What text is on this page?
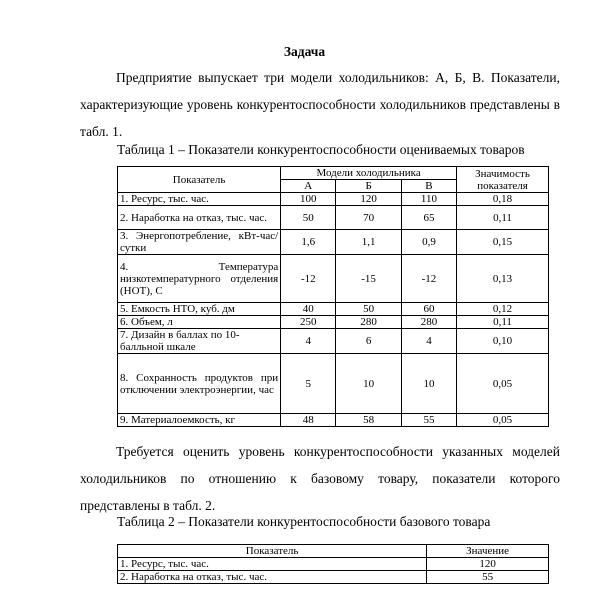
Задача
Предприятие выпускает три модели холодильников: А, Б, В. Показатели, характеризующие уровень конкурентоспособности холодильников представлены в табл. 1.
Таблица 1 – Показатели конкурентоспособности оцениваемых товаров
Показатель	Модели холодильника			Значимость показателя
	А	Б	В	
1. Ресурс, тыс. час.	100	120	110	0,18
2. Наработка на отказ, тыс. час.	50	70	65	0,11
3. Энергопотребление, кВт-час/сутки	1,6	1,1	0,9	0,15
4. Температура низкотемпературного отделения (НОТ), С	-12	-15	-12	0,13
5. Емкость НТО, куб. дм	40	50	60	0,12
6. Объем, л	250	280	280	0,11
7. Дизайн в баллах по 10-балльной шкале	4	6	4	0,10
8. Сохранность продуктов при отключении электроэнергии, час	5	10	10	0,05
9. Материалоемкость, кг	48	58	55	0,05
Требуется оценить уровень конкурентоспособности указанных моделей холодильников по отношению к базовому товару, показатели которого представлены в табл. 2.
Таблица 2 – Показатели конкурентоспособности базового товара
Показатель	Значение
1. Ресурс, тыс. час.	120
2. Наработка на отказ, тыс. час.	55
